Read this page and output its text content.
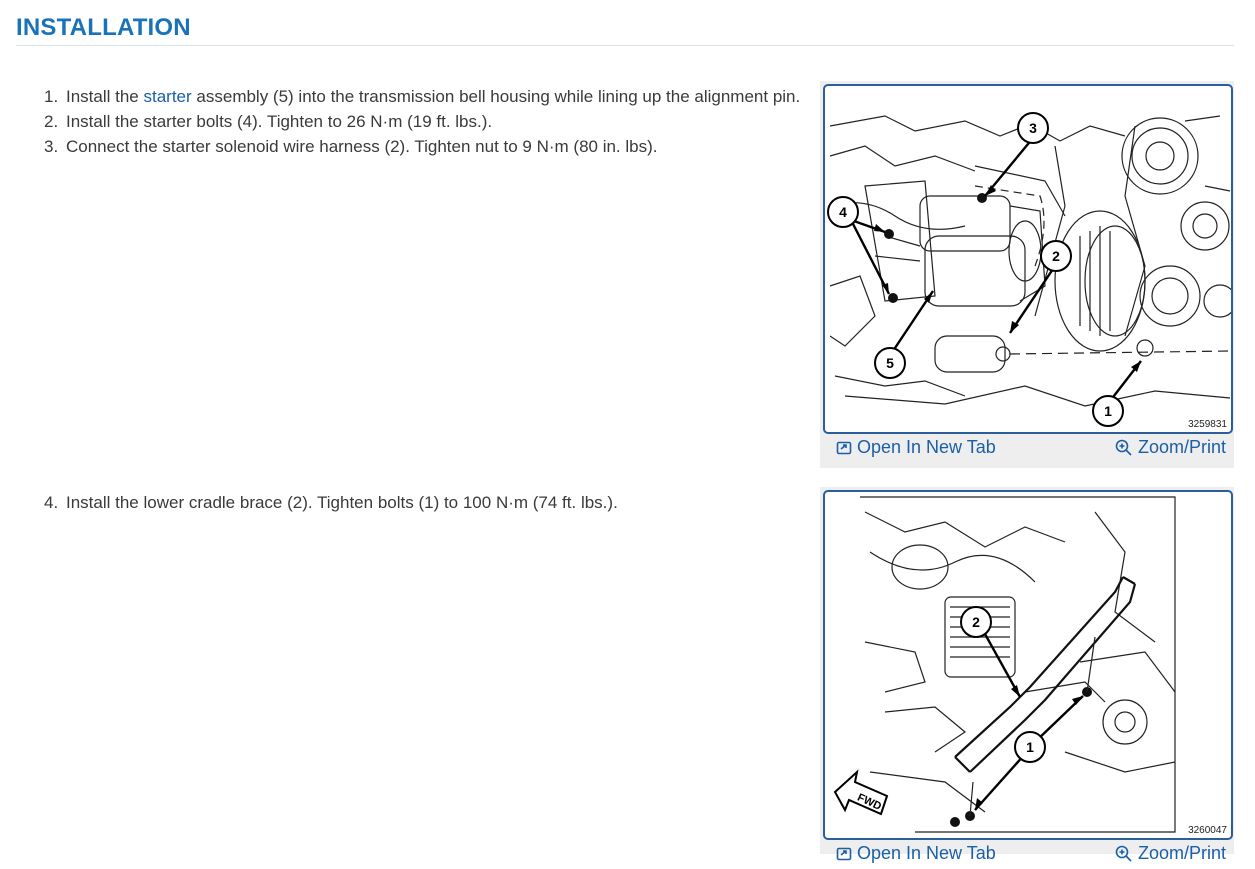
INSTALLATION
1. Install the starter assembly (5) into the transmission bell housing while lining up the alignment pin.
2. Install the starter bolts (4). Tighten to 26 N·m (19 ft. lbs.).
3. Connect the starter solenoid wire harness (2). Tighten nut to 9 N·m (80 in. lbs).
4. Install the lower cradle brace (2). Tighten bolts (1) to 100 N·m (74 ft. lbs.).
3
4
2
5
1
3259831
Open In New Tab	Zoom/Print
FWD
2
1
3260047
Open In New Tab	Zoom/Print
